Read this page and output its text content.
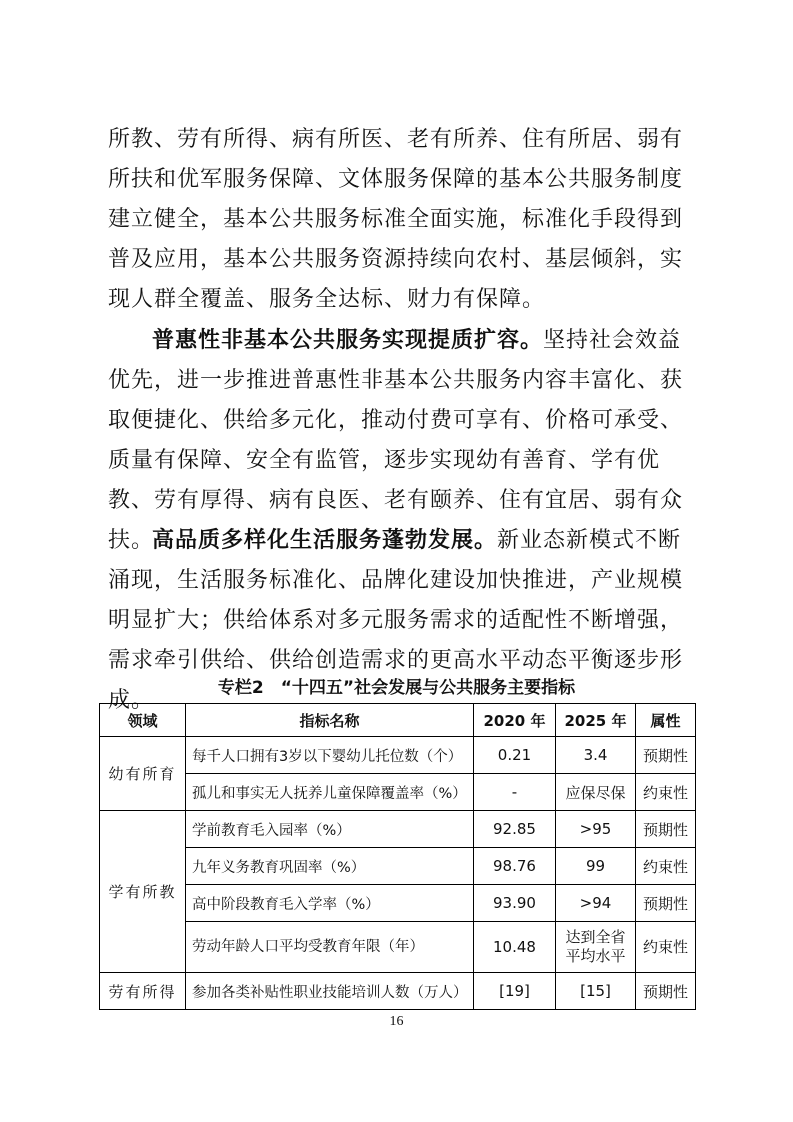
所教、劳有所得、病有所医、老有所养、住有所居、弱有所扶和优军服务保障、文体服务保障的基本公共服务制度建立健全，基本公共服务标准全面实施，标准化手段得到普及应用，基本公共服务资源持续向农村、基层倾斜，实现人群全覆盖、服务全达标、财力有保障。

普惠性非基本公共服务实现提质扩容。坚持社会效益优先，进一步推进普惠性非基本公共服务内容丰富化、获取便捷化、供给多元化，推动付费可享有、价格可承受、质量有保障、安全有监管，逐步实现幼有善育、学有优教、劳有厚得、病有良医、老有颐养、住有宜居、弱有众扶。

高品质多样化生活服务蓬勃发展。新业态新模式不断涌现，生活服务标准化、品牌化建设加快推进，产业规模明显扩大；供给体系对多元服务需求的适配性不断增强，需求牵引供给、供给创造需求的更高水平动态平衡逐步形成。	专栏2　“十四五”社会发展与公共服务主要指标
领域	指标名称	2020 年	2025 年	属性
幼有所育	每千人口拥有3岁以下婴幼儿托位数（个）	0.21	3.4	预期性
	孤儿和事实无人抚养儿童保障覆盖率（%）	-	应保尽保	约束性
学有所教	学前教育毛入园率（%）	92.85	>95	预期性
	九年义务教育巩固率（%）	98.76	99	约束性
	高中阶段教育毛入学率（%）	93.90	>94	预期性
	劳动年龄人口平均受教育年限（年）	10.48	达到全省平均水平	约束性
劳有所得	参加各类补贴性职业技能培训人数（万人）	[19]	[15]	预期性
16
